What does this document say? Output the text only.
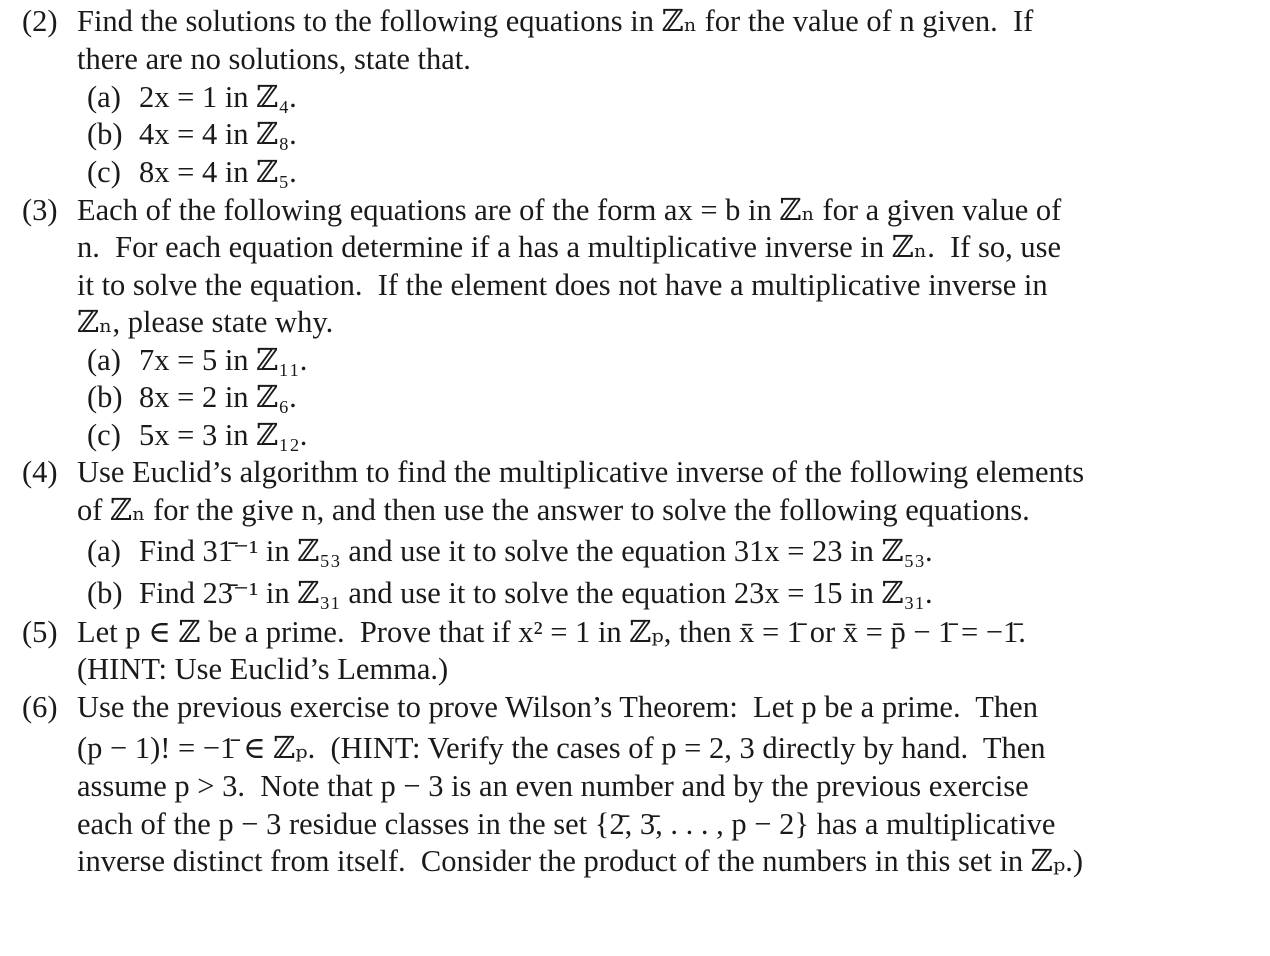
(2) Find the solutions to the following equations in ℤₙ for the value of n given.  If
there are no solutions, state that.
(a) 2x = 1 in ℤ₄.
(b) 4x = 4 in ℤ₈.
(c) 8x = 4 in ℤ₅.
(3) Each of the following equations are of the form ax = b in ℤₙ for a given value of
n.  For each equation determine if a has a multiplicative inverse in ℤₙ.  If so, use
it to solve the equation.  If the element does not have a multiplicative inverse in
ℤₙ, please state why.
(a) 7x = 5 in ℤ₁₁.
(b) 8x = 2 in ℤ₆.
(c) 5x = 3 in ℤ₁₂.
(4) Use Euclid’s algorithm to find the multiplicative inverse of the following elements
of ℤₙ for the give n, and then use the answer to solve the following equations.
(a) Find 31̄⁻¹ in ℤ₅₃ and use it to solve the equation 31x = 23 in ℤ₅₃.
(b) Find 23̄⁻¹ in ℤ₃₁ and use it to solve the equation 23x = 15 in ℤ₃₁.
(5) Let p ∈ ℤ be a prime.  Prove that if x² = 1 in ℤₚ, then x̄ = 1̄ or x̄ = p̄ − 1̄ = −1̄.
(HINT: Use Euclid’s Lemma.)
(6) Use the previous exercise to prove Wilson’s Theorem:  Let p be a prime.  Then
(p − 1)! = −1̄ ∈ ℤₚ.  (HINT: Verify the cases of p = 2, 3 directly by hand.  Then
assume p > 3.  Note that p − 3 is an even number and by the previous exercise
each of the p − 3 residue classes in the set {2̄, 3̄, . . . , p − 2} has a multiplicative
inverse distinct from itself.  Consider the product of the numbers in this set in ℤₚ.)
